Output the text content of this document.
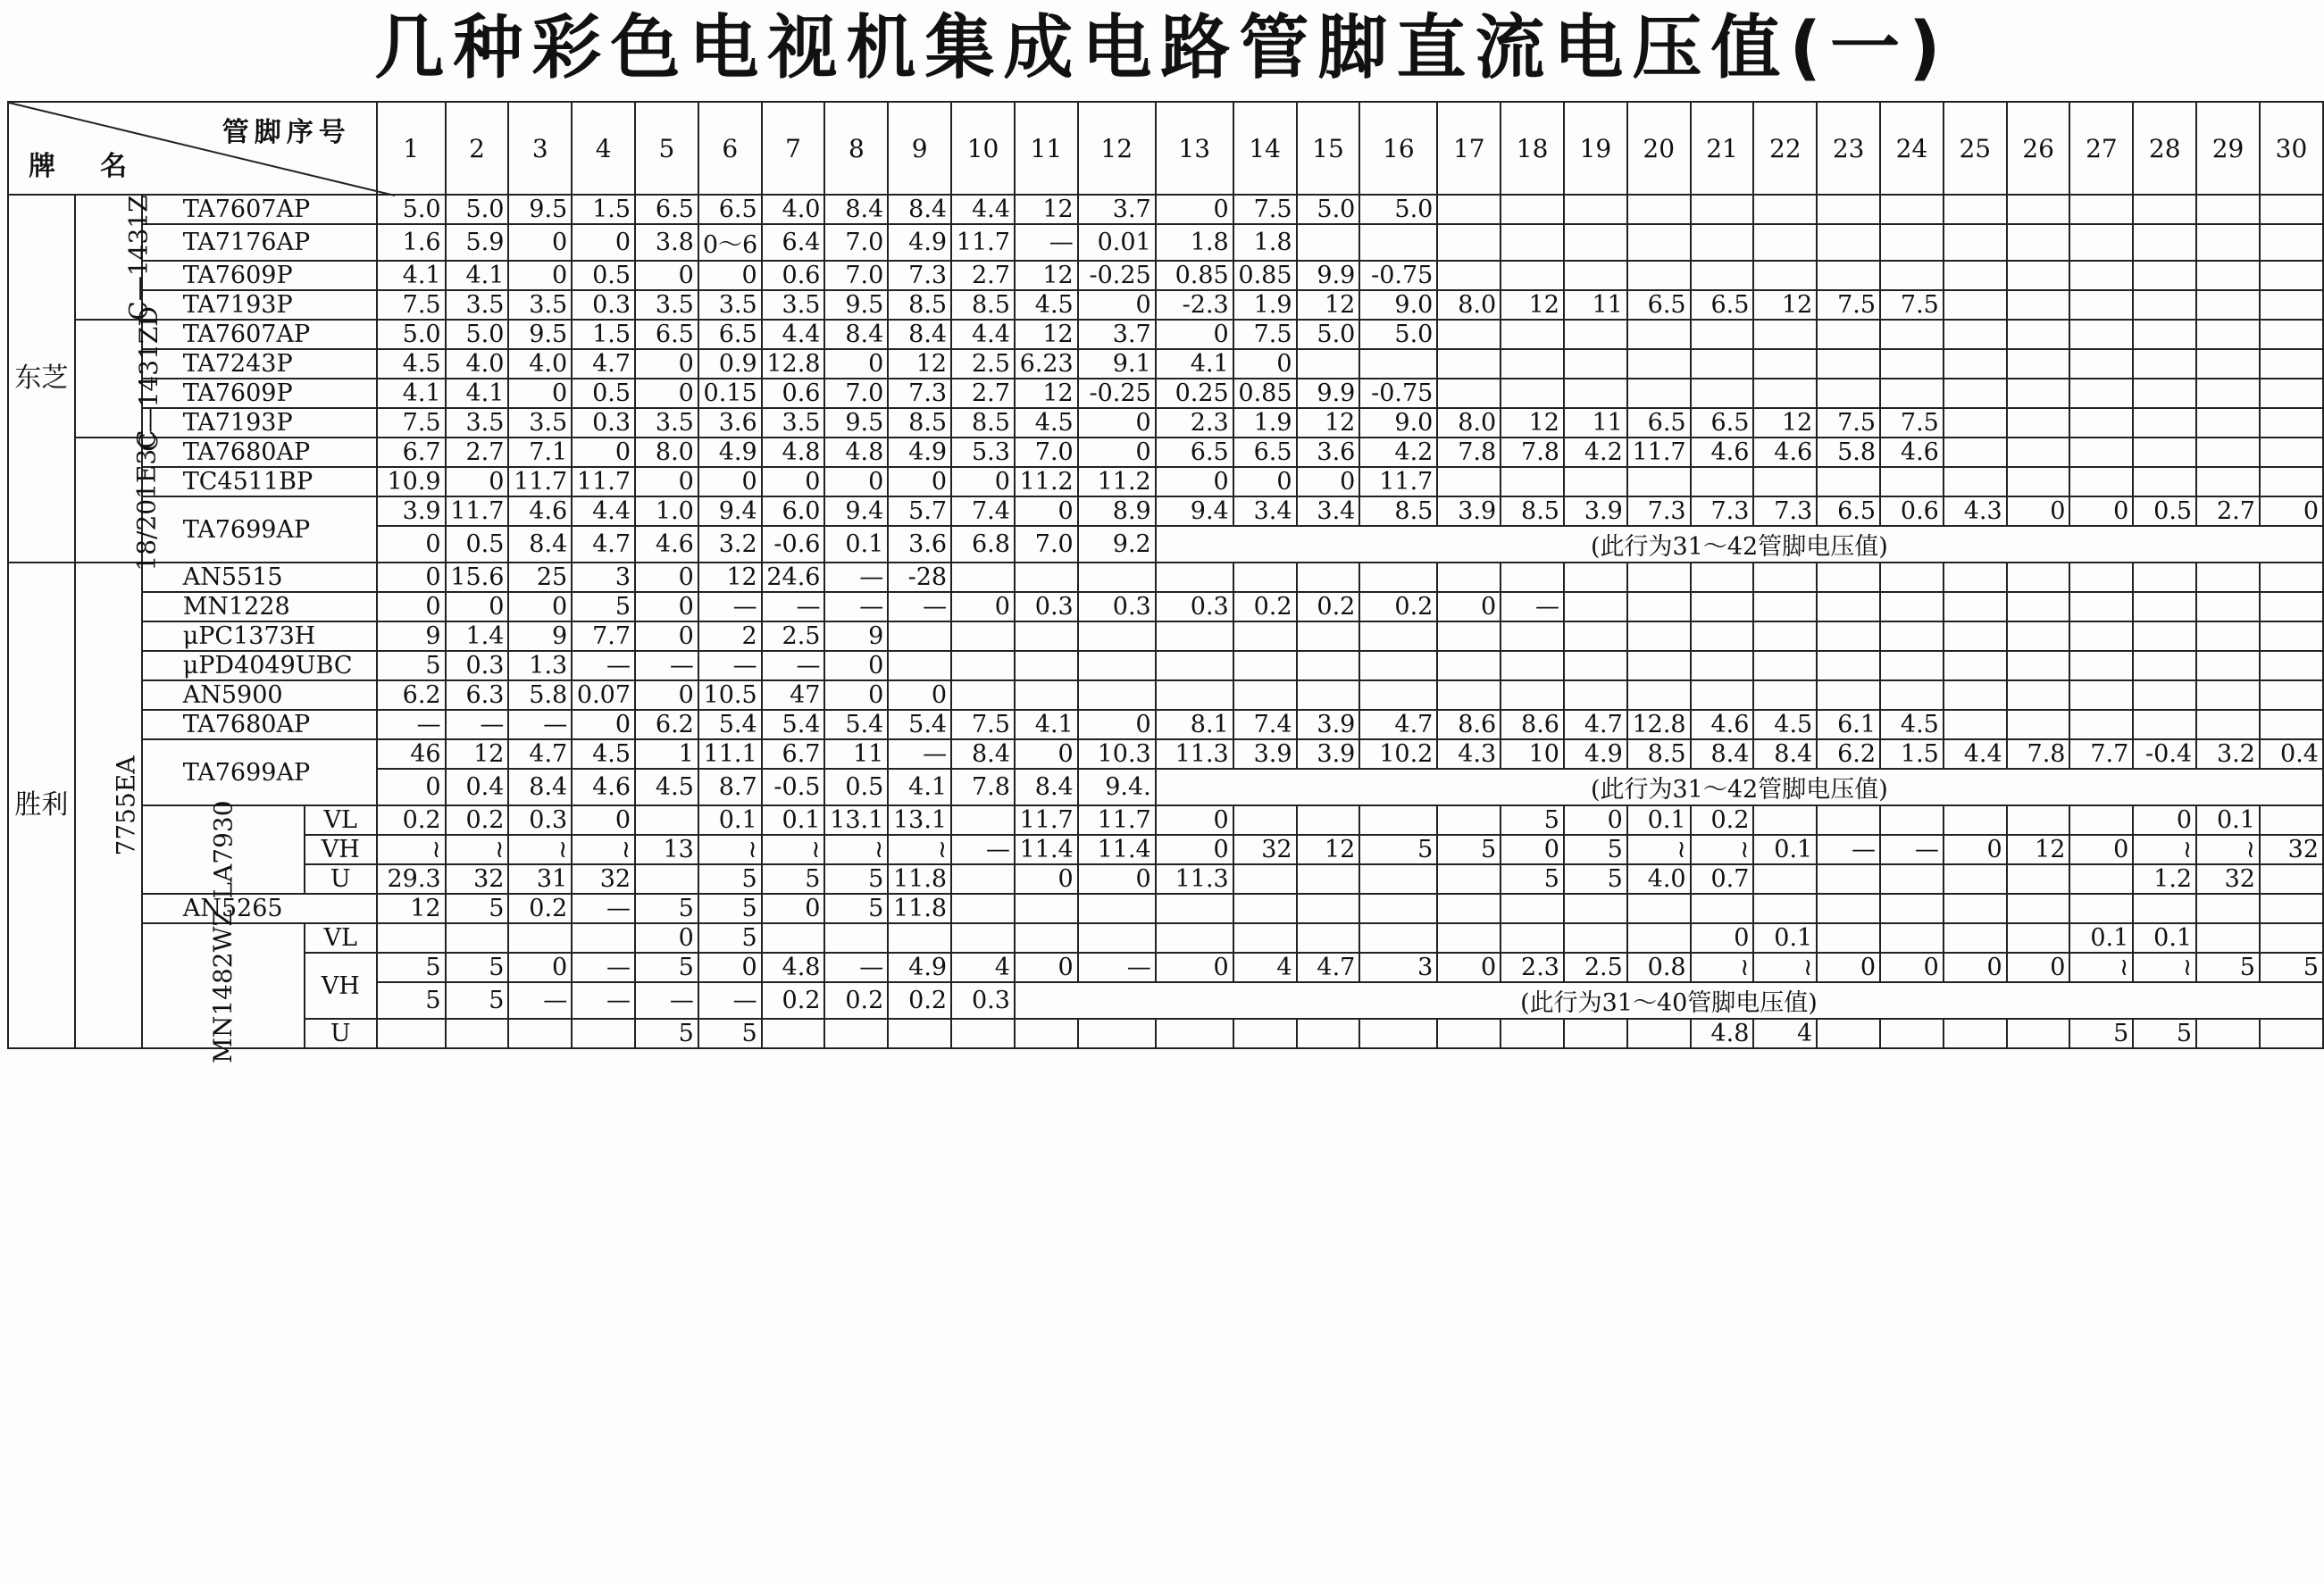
几种彩色电视机集成电路管脚直流电压值(一)
管脚序号
牌名				1	2	3	4	5	6	7	8	9	10	11	12	13	14	15	16	17	18	19	20	21	22	23	24	25	26	27	28	29	30
东芝	C—1431Z	TA7607AP		5.0	5.0	9.5	1.5	6.5	6.5	4.0	8.4	8.4	4.4	12	3.7	0	7.5	5.0	5.0														
		TA7176AP		1.6	5.9	0	0	3.8	0～6	6.4	7.0	4.9	11.7	—	0.01	1.8	1.8																
		TA7609P		4.1	4.1	0	0.5	0	0	0.6	7.0	7.3	2.7	12	-0.25	0.85	0.85	9.9	-0.75														
		TA7193P		7.5	3.5	3.5	0.3	3.5	3.5	3.5	9.5	8.5	8.5	4.5	0	-2.3	1.9	12	9.0	8.0	12	11	6.5	6.5	12	7.5	7.5						
	C—1431ZD	TA7607AP		5.0	5.0	9.5	1.5	6.5	6.5	4.4	8.4	8.4	4.4	12	3.7	0	7.5	5.0	5.0														
		TA7243P		4.5	4.0	4.0	4.7	0	0.9	12.8	0	12	2.5	6.23	9.1	4.1	0																
		TA7609P		4.1	4.1	0	0.5	0	0.15	0.6	7.0	7.3	2.7	12	-0.25	0.25	0.85	9.9	-0.75														
		TA7193P		7.5	3.5	3.5	0.3	3.5	3.6	3.5	9.5	8.5	8.5	4.5	0	2.3	1.9	12	9.0	8.0	12	11	6.5	6.5	12	7.5	7.5						
	18/201E3C	TA7680AP		6.7	2.7	7.1	0	8.0	4.9	4.8	4.8	4.9	5.3	7.0	0	6.5	6.5	3.6	4.2	7.8	7.8	4.2	11.7	4.6	4.6	5.8	4.6						
		TC4511BP		10.9	0	11.7	11.7	0	0	0	0	0	0	11.2	11.2	0	0	0	11.7														
		TA7699AP		3.9	11.7	4.6	4.4	1.0	9.4	6.0	9.4	5.7	7.4	0	8.9	9.4	3.4	3.4	8.5	3.9	8.5	3.9	7.3	7.3	7.3	6.5	0.6	4.3	0	0	0.5	2.7	0
				0	0.5	8.4	4.7	4.6	3.2	-0.6	0.1	3.6	6.8	7.0	9.2	(此行为31～42管脚电压值)																	
胜利	7755EA	AN5515		0	15.6	25	3	0	12	24.6	—	-28																					
		MN1228		0	0	0	5	0	—	—	—	—	0	0.3	0.3	0.3	0.2	0.2	0.2	0	—												
		μPC1373H		9	1.4	9	7.7	0	2	2.5	9																						
		μPD4049UBC		5	0.3	1.3	—	—	—	—	0																						
		AN5900		6.2	6.3	5.8	0.07	0	10.5	47	0	0																					
		TA7680AP		—	—	—	0	6.2	5.4	5.4	5.4	5.4	7.5	4.1	0	8.1	7.4	3.9	4.7	8.6	8.6	4.7	12.8	4.6	4.5	6.1	4.5						
		TA7699AP		46	12	4.7	4.5	1	11.1	6.7	11	—	8.4	0	10.3	11.3	3.9	3.9	10.2	4.3	10	4.9	8.5	8.4	8.4	6.2	1.5	4.4	7.8	7.7	-0.4	3.2	0.4
				0	0.4	8.4	4.6	4.5	8.7	-0.5	0.5	4.1	7.8	8.4	9.4.	(此行为31～42管脚电压值)																	
		LA7930	VL	0.2	0.2	0.3	0		0.1	0.1	13.1	13.1		11.7	11.7	0					5	0	0.1	0.2							0	0.1	
			VH	≀	≀	≀	≀	13	≀	≀	≀	≀	—	11.4	11.4	0	32	12	5	5	0	5	≀	≀	0.1	—	—	0	12	0	≀	≀	32
			U	29.3	32	31	32		5	5	5	11.8		0	0	11.3					5	5	4.0	0.7							1.2	32	
		AN5265		12	5	0.2	—	5	5	0	5	11.8																					
		MN1482WZ	VL					0	5															0	0.1					0.1	0.1		
			VH	5	5	0	—	5	0	4.8	—	4.9	4	0	—	0	4	4.7	3	0	2.3	2.5	0.8	≀	≀	0	0	0	0	≀	≀	5	5
				5	5	—	—	—	—	0.2	0.2	0.2	0.3	(此行为31～40管脚电压值)																			
			U					5	5															4.8	4					5	5		
